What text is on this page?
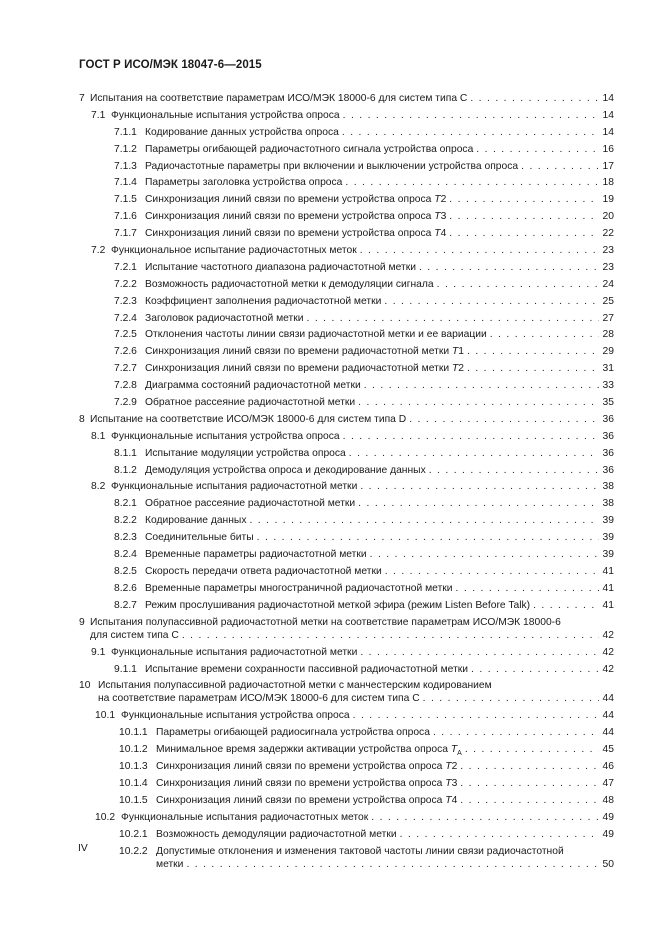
ГОСТ Р ИСО/МЭК 18047-6—2015
7 Испытания на соответствие параметрам ИСО/МЭК 18000-6 для систем типа C . . .	14
7.1 Функциональные испытания устройства опроса . . .	14
7.1.1 Кодирование данных устройства опроса . . .	14
7.1.2 Параметры огибающей радиочастотного сигнала устройства опроса . . .	16
7.1.3 Радиочастотные параметры при включении и выключении устройства опроса . . .	17
7.1.4 Параметры заголовка устройства опроса . . .	18
7.1.5 Синхронизация линий связи по времени устройства опроса T2 . . .	19
7.1.6 Синхронизация линий связи по времени устройства опроса T3 . . .	20
7.1.7 Синхронизация линий связи по времени устройства опроса T4 . . .	22
7.2 Функциональное испытание радиочастотных меток . . .	23
7.2.1 Испытание частотного диапазона радиочастотной метки . . .	23
7.2.2 Возможность радиочастотной метки к демодуляции сигнала . . .	24
7.2.3 Коэффициент заполнения радиочастотной метки . . .	25
7.2.4 Заголовок радиочастотной метки . . .	27
7.2.5 Отклонения частоты линии связи радиочастотной метки и ее вариации . . .	28
7.2.6 Синхронизация линий связи по времени радиочастотной метки T1 . . .	29
7.2.7 Синхронизация линий связи по времени радиочастотной метки T2 . . .	31
7.2.8 Диаграмма состояний радиочастотной метки . . .	33
7.2.9 Обратное рассеяние радиочастотной метки . . .	35
8 Испытание на соответствие ИСО/МЭК 18000-6 для систем типа D . . .	36
8.1 Функциональные испытания устройства опроса . . .	36
8.1.1 Испытание модуляции устройства опроса . . .	36
8.1.2 Демодуляция устройства опроса и декодирование данных . . .	36
8.2 Функциональные испытания радиочастотной метки . . .	38
8.2.1 Обратное рассеяние радиочастотной метки . . .	38
8.2.2 Кодирование данных . . .	39
8.2.3 Соединительные биты . . .	39
8.2.4 Временные параметры радиочастотной метки . . .	39
8.2.5 Скорость передачи ответа радиочастотной метки . . .	41
8.2.6 Временные параметры многостраничной радиочастотной метки . . .	41
8.2.7 Режим прослушивания радиочастотной меткой эфира (режим Listen Before Talk) . . .	41
9 Испытания полупассивной радиочастотной метки на соответствие параметрам ИСО/МЭК 18000-6
для систем типа С . . .	42
9.1 Функциональные испытания радиочастотной метки . . .	42
9.1.1 Испытание времени сохранности пассивной радиочастотной метки . . .	42
10 Испытания полупассивной радиочастотной метки с манчестерским кодированием
на соответствие параметрам ИСО/МЭК 18000-6 для систем типа С . . .	44
10.1 Функциональные испытания устройства опроса . . .	44
10.1.1 Параметры огибающей радиосигнала устройства опроса . . .	44
10.1.2 Минимальное время задержки активации устройства опроса $T_A$ . . .	45
10.1.3 Синхронизация линий связи по времени устройства опроса T2 . . .	46
10.1.4 Синхронизация линий связи по времени устройства опроса T3 . . .	47
10.1.5 Синхронизация линий связи по времени устройства опроса T4 . . .	48
10.2 Функциональные испытания радиочастотных меток . . .	49
10.2.1 Возможность демодуляции радиочастотной метки . . .	49
10.2.2 Допустимые отклонения и изменения тактовой частоты линии связи радиочастотной
метки . . .	50
IV
